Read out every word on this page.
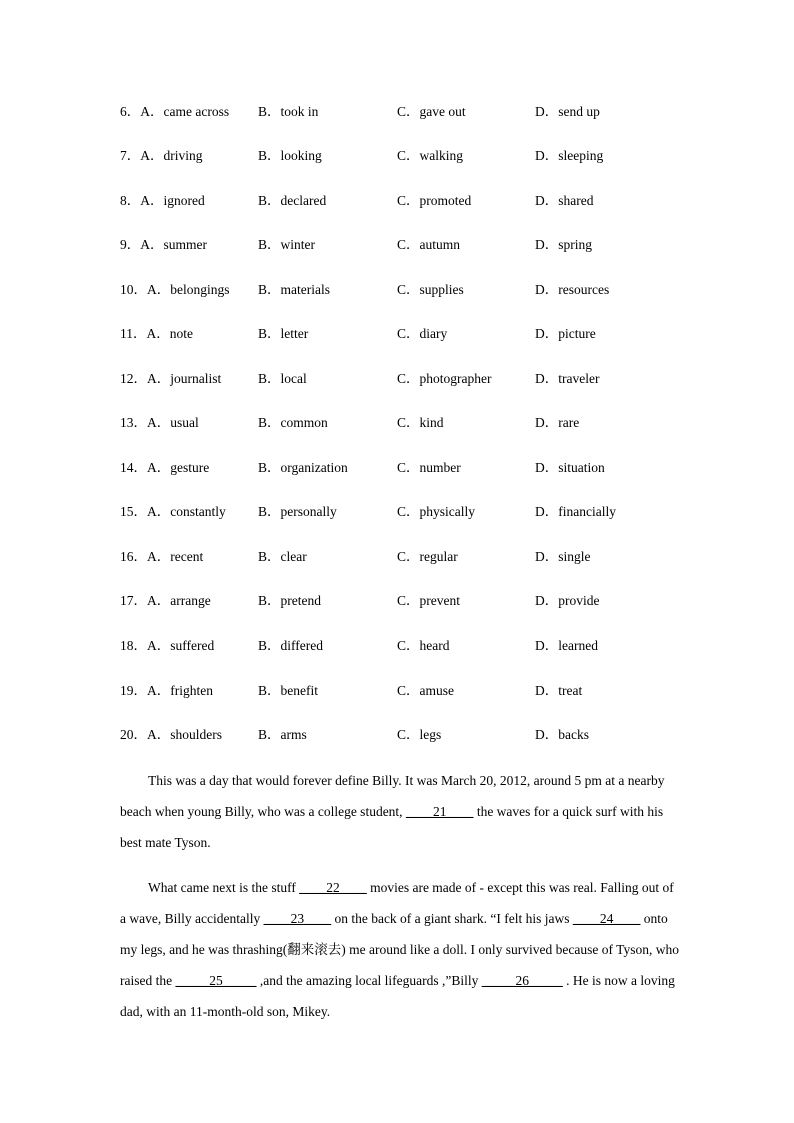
6．A．came across B．took in	C．gave out	D．send up
7．A．driving	B．looking	C．walking	D．sleeping
8．A．ignored	B．declared	C．promoted	D．shared
9．A．summer	B．winter	C．autumn	D．spring
10．A．belongings B．materials	C．supplies	D．resources
11．A．note	B．letter	C．diary	D．picture
12．A．journalist	B．local	C．photographer	D．traveler
13．A．usual	B．common	C．kind	D．rare
14．A．gesture	B．organization	C．number	D．situation
15．A．constantly B．personally	C．physically	D．financially
16．A．recent	B．clear	C．regular	D．single
17．A．arrange	B．pretend	C．prevent	D．provide
18．A．suffered	B．differed	C．heard	D．learned
19．A．frighten	B．benefit	C．amuse	D．treat
20．A．shoulders	B．arms	C．legs	D．backs

This was a day that would forever define Billy. It was March 20, 2012, around 5 pm at a nearby beach when young Billy, who was a college student, ____21____ the waves for a quick surf with his best mate Tyson.

What came next is the stuff ____22____ movies are made of - except this was real. Falling out of a wave, Billy accidentally ____23____ on the back of a giant shark. “I felt his jaws ____24____ onto my legs, and he was thrashing(翻来滚去) me around like a doll. I only survived because of Tyson, who raised the _____25_____ ,and the amazing local lifeguards ,”Billy _____26_____ . He is now a loving dad, with an 11-month-old son, Mikey.
